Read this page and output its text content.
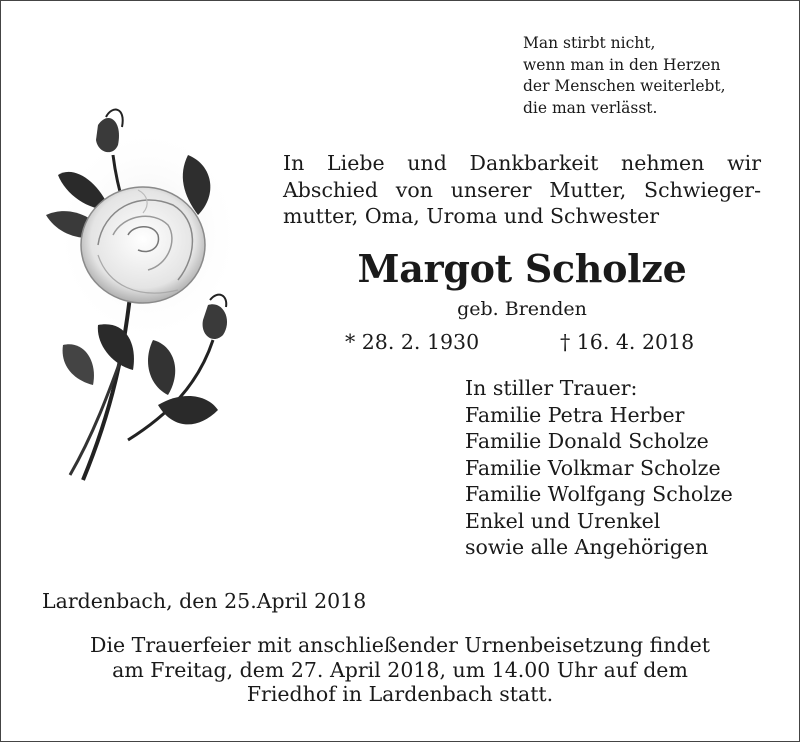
Man stirbt nicht,
wenn man in den Herzen
der Menschen weiterlebt,
die man verlässt.
In Liebe und Dankbarkeit nehmen wir
Abschied von unserer Mutter, Schwieger-
mutter, Oma, Uroma und Schwester
Margot Scholze
geb. Brenden
* 28. 2. 1930	† 16. 4. 2018
In stiller Trauer:
Familie Petra Herber
Familie Donald Scholze
Familie Volkmar Scholze
Familie Wolfgang Scholze
Enkel und Urenkel
sowie alle Angehörigen
Lardenbach, den 25.April 2018
Die Trauerfeier mit anschließender Urnenbeisetzung findet
am Freitag, dem 27. April 2018, um 14.00 Uhr auf dem
Friedhof in Lardenbach statt.
